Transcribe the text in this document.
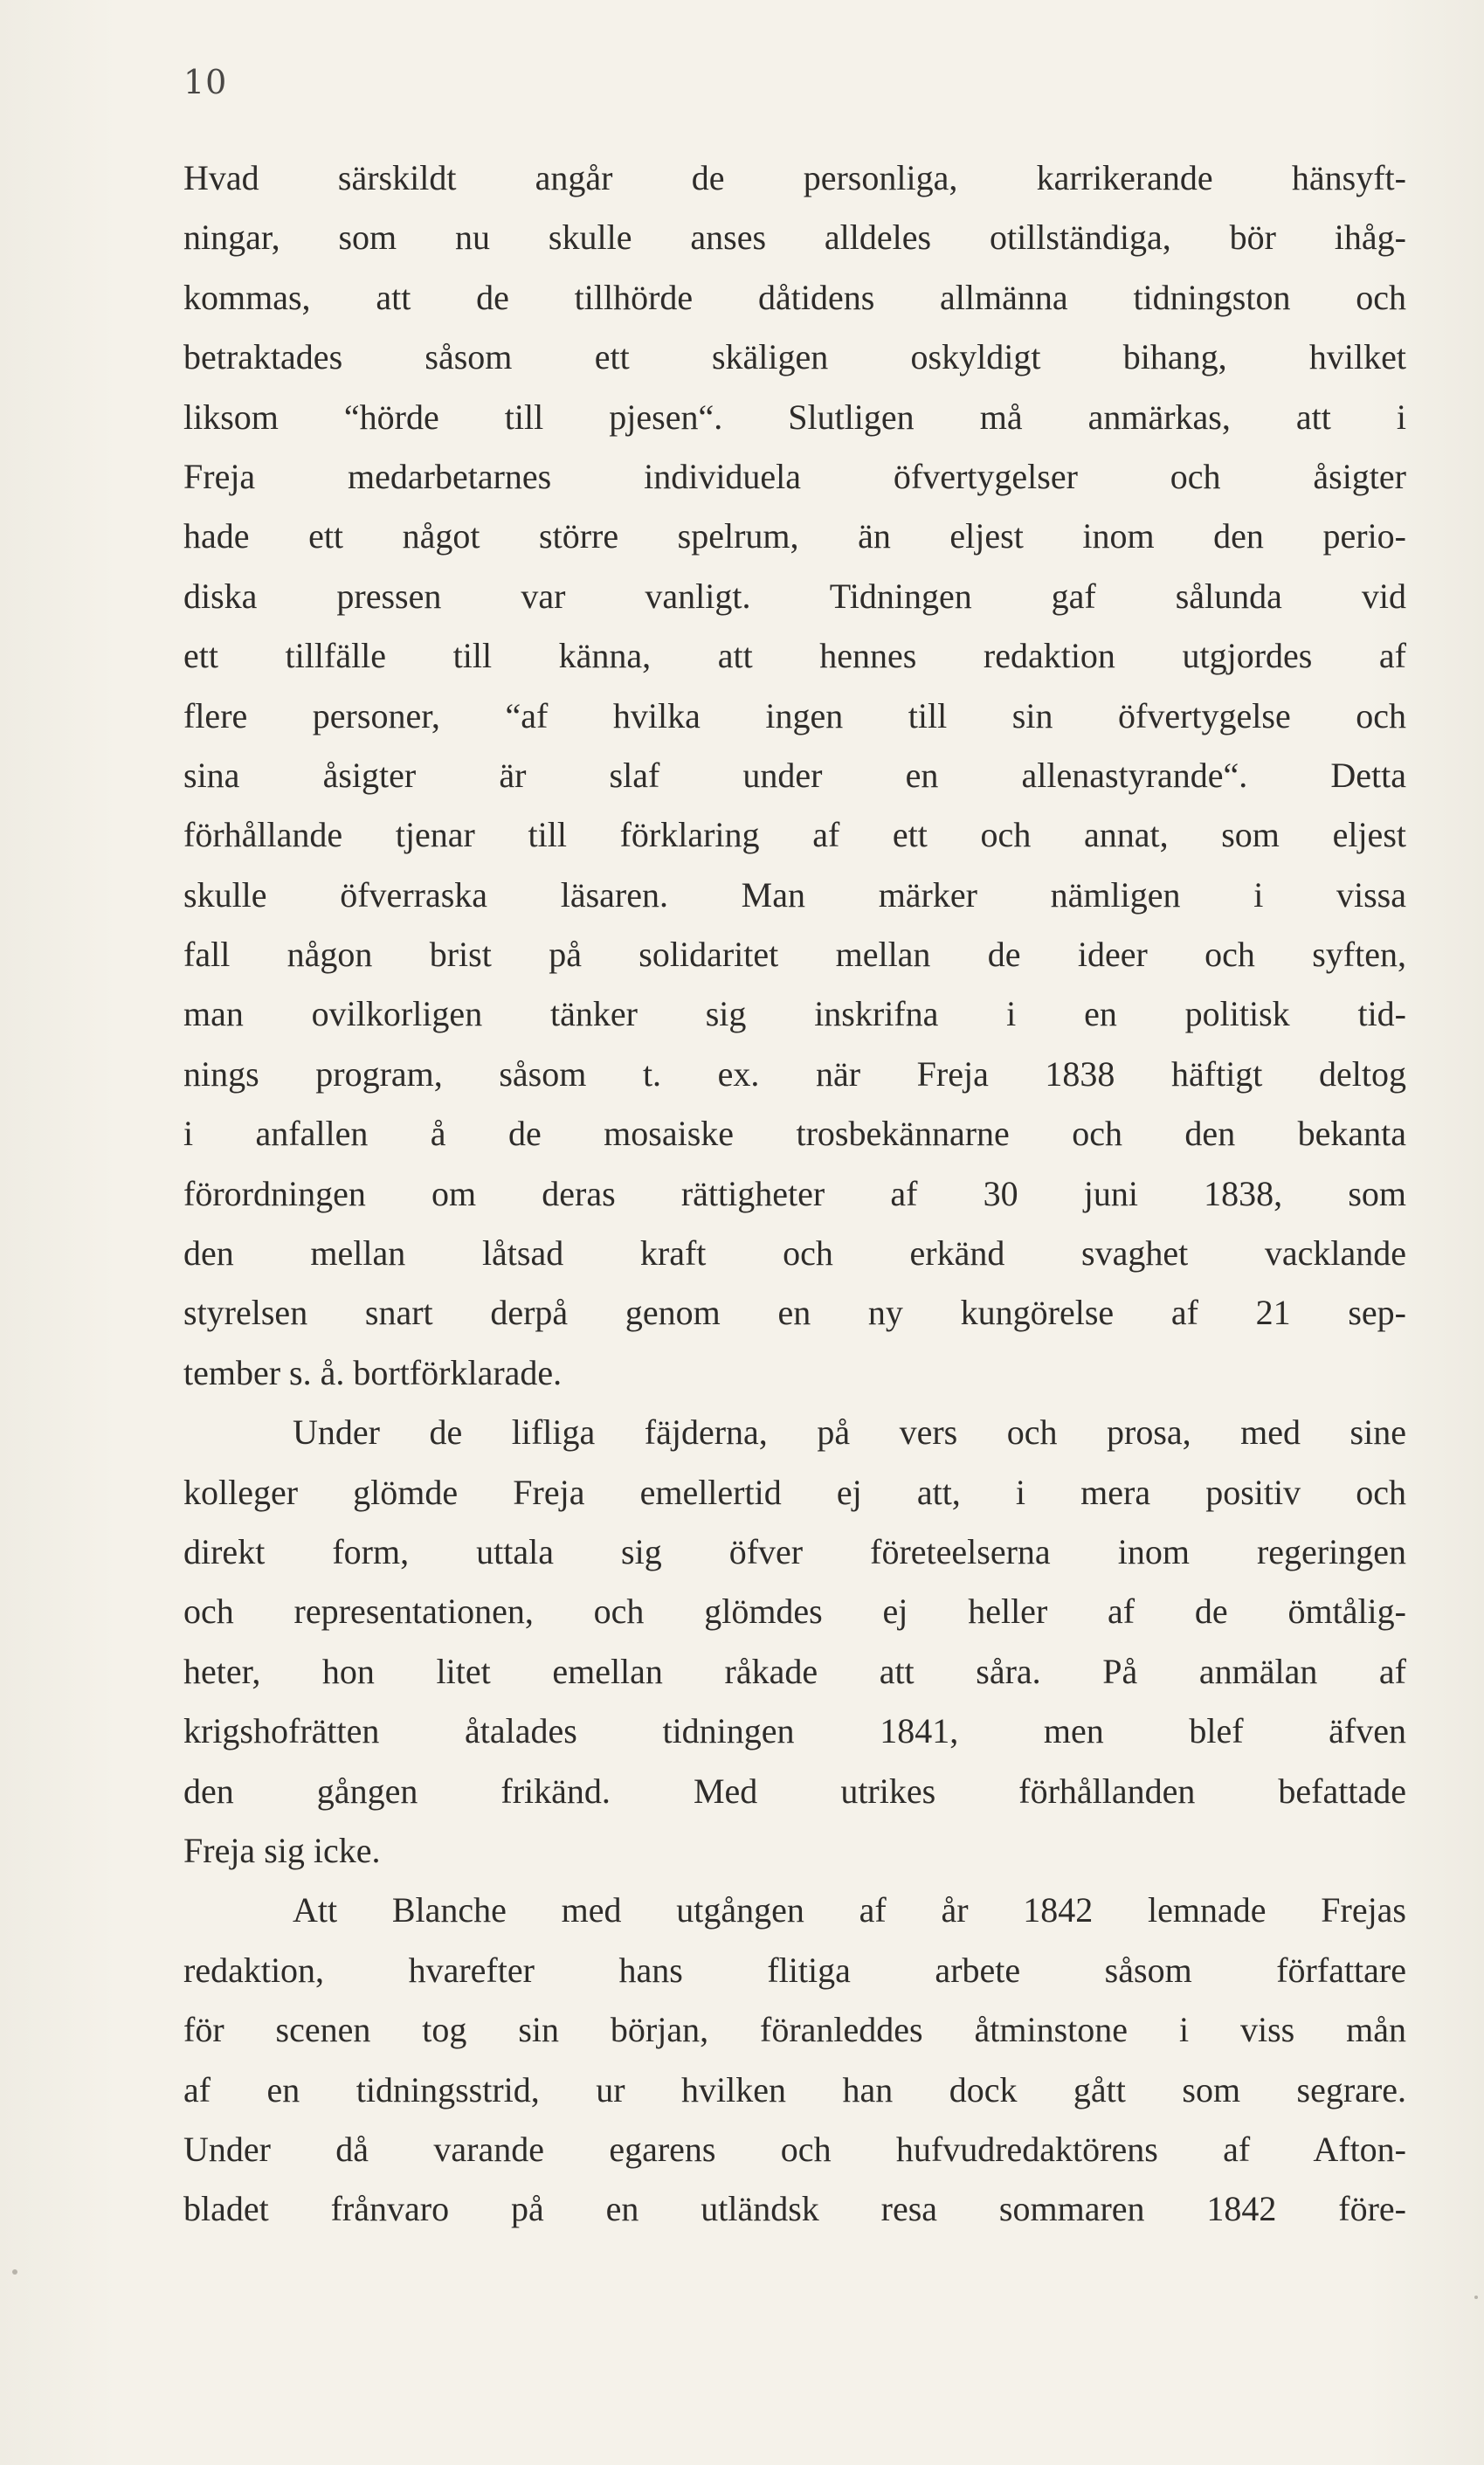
10
Hvad särskildt angår de personliga, karrikerande hänsyft-
ningar, som nu skulle anses alldeles otillständiga, bör ihåg-
kommas, att de tillhörde dåtidens allmänna tidningston och
betraktades såsom ett skäligen oskyldigt bihang, hvilket
liksom “hörde till pjesen“. Slutligen må anmärkas, att i
Freja medarbetarnes individuela öfvertygelser och åsigter
hade ett något större spelrum, än eljest inom den perio-
diska pressen var vanligt. Tidningen gaf sålunda vid
ett tillfälle till känna, att hennes redaktion utgjordes af
flere personer, “af hvilka ingen till sin öfvertygelse och
sina åsigter är slaf under en allenastyrande“. Detta
förhållande tjenar till förklaring af ett och annat, som eljest
skulle öfverraska läsaren. Man märker nämligen i vissa
fall någon brist på solidaritet mellan de ideer och syften,
man ovilkorligen tänker sig inskrifna i en politisk tid-
nings program, såsom t. ex. när Freja 1838 häftigt deltog
i anfallen å de mosaiske trosbekännarne och den bekanta
förordningen om deras rättigheter af 30 juni 1838, som
den mellan låtsad kraft och erkänd svaghet vacklande
styrelsen snart derpå genom en ny kungörelse af 21 sep-
tember s. å. bortförklarade.
Under de lifliga fäjderna, på vers och prosa, med sine
kolleger glömde Freja emellertid ej att, i mera positiv och
direkt form, uttala sig öfver företeelserna inom regeringen
och representationen, och glömdes ej heller af de ömtålig-
heter, hon litet emellan råkade att såra. På anmälan af
krigshofrätten åtalades tidningen 1841, men blef äfven
den gången frikänd. Med utrikes förhållanden befattade
Freja sig icke.
Att Blanche med utgången af år 1842 lemnade Frejas
redaktion, hvarefter hans flitiga arbete såsom författare
för scenen tog sin början, föranleddes åtminstone i viss mån
af en tidningsstrid, ur hvilken han dock gått som segrare.
Under då varande egarens och hufvudredaktörens af Afton-
bladet frånvaro på en utländsk resa sommaren 1842 före-
